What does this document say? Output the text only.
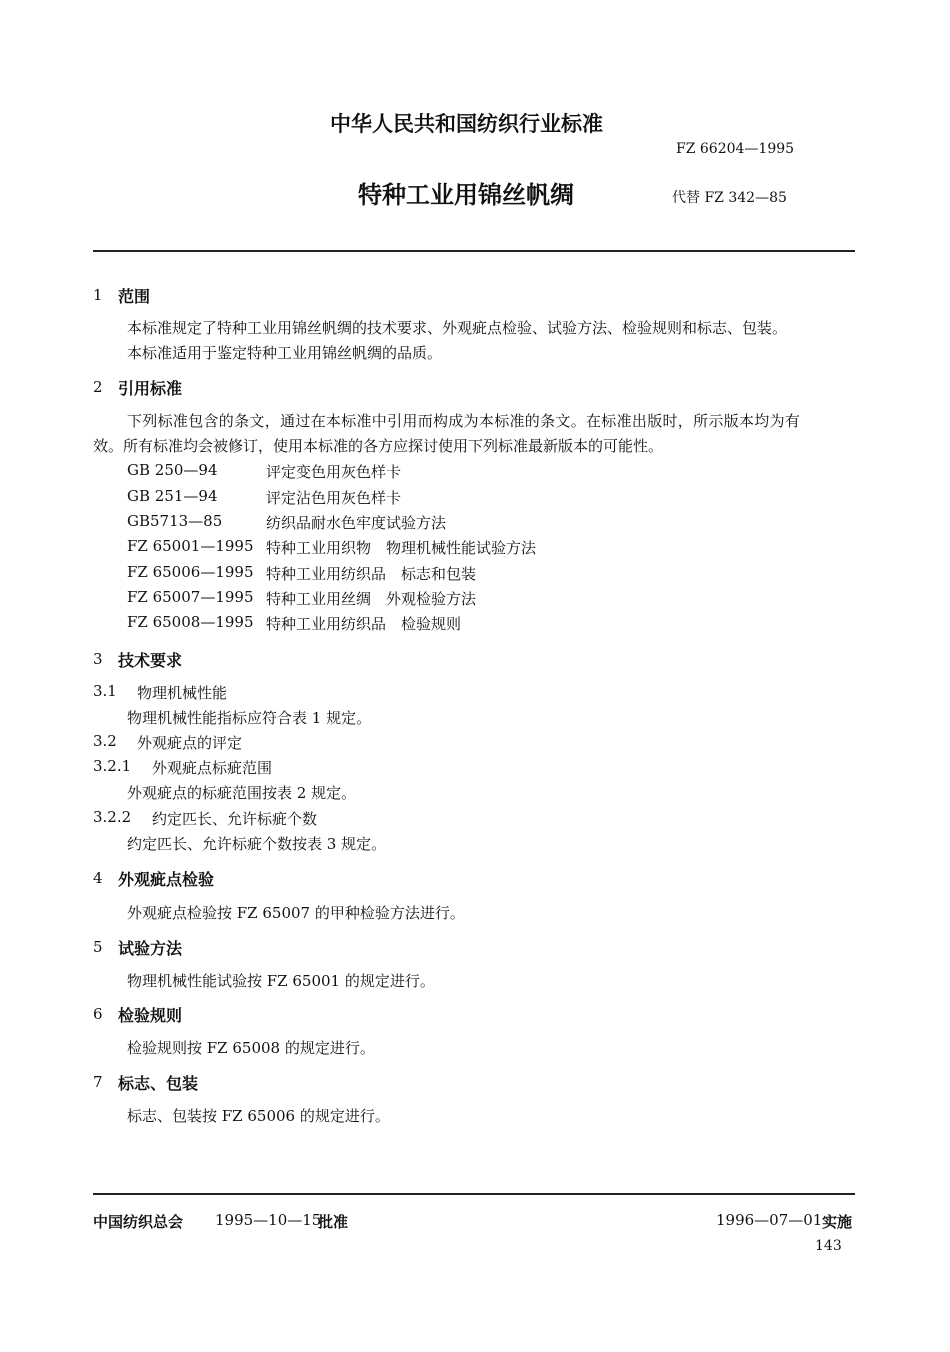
中华人民共和国纺织行业标准
FZ 66204—1995
特种工业用锦丝帆绸	代替 FZ 342—85
1 范围
本标准规定了特种工业用锦丝帆绸的技术要求、外观疵点检验、试验方法、检验规则和标志、包装。
本标准适用于鉴定特种工业用锦丝帆绸的品质。
2 引用标准
下列标准包含的条文，通过在本标准中引用而构成为本标准的条文。在标准出版时，所示版本均为有
效。所有标准均会被修订，使用本标准的各方应探讨使用下列标准最新版本的可能性。
GB 250—94	评定变色用灰色样卡
GB 251—94	评定沾色用灰色样卡
GB5713—85	纺织品耐水色牢度试验方法
FZ 65001—1995 特种工业用织物　物理机械性能试验方法
FZ 65006—1995 特种工业用纺织品　标志和包装
FZ 65007—1995 特种工业用丝绸　外观检验方法
FZ 65008—1995 特种工业用纺织品　检验规则
3 技术要求
3.1 物理机械性能
物理机械性能指标应符合表 1 规定。
3.2 外观疵点的评定
3.2.1 外观疵点标疵范围
外观疵点的标疵范围按表 2 规定。
3.2.2 约定匹长、允许标疵个数
约定匹长、允许标疵个数按表 3 规定。
4 外观疵点检验
外观疵点检验按 FZ 65007 的甲种检验方法进行。
5 试验方法
物理机械性能试验按 FZ 65001 的规定进行。
6 检验规则
检验规则按 FZ 65008 的规定进行。
7 标志、包装
标志、包装按 FZ 65006 的规定进行。
中国纺织总会 1995—10—15
批准	1996—07—01 实施
143
